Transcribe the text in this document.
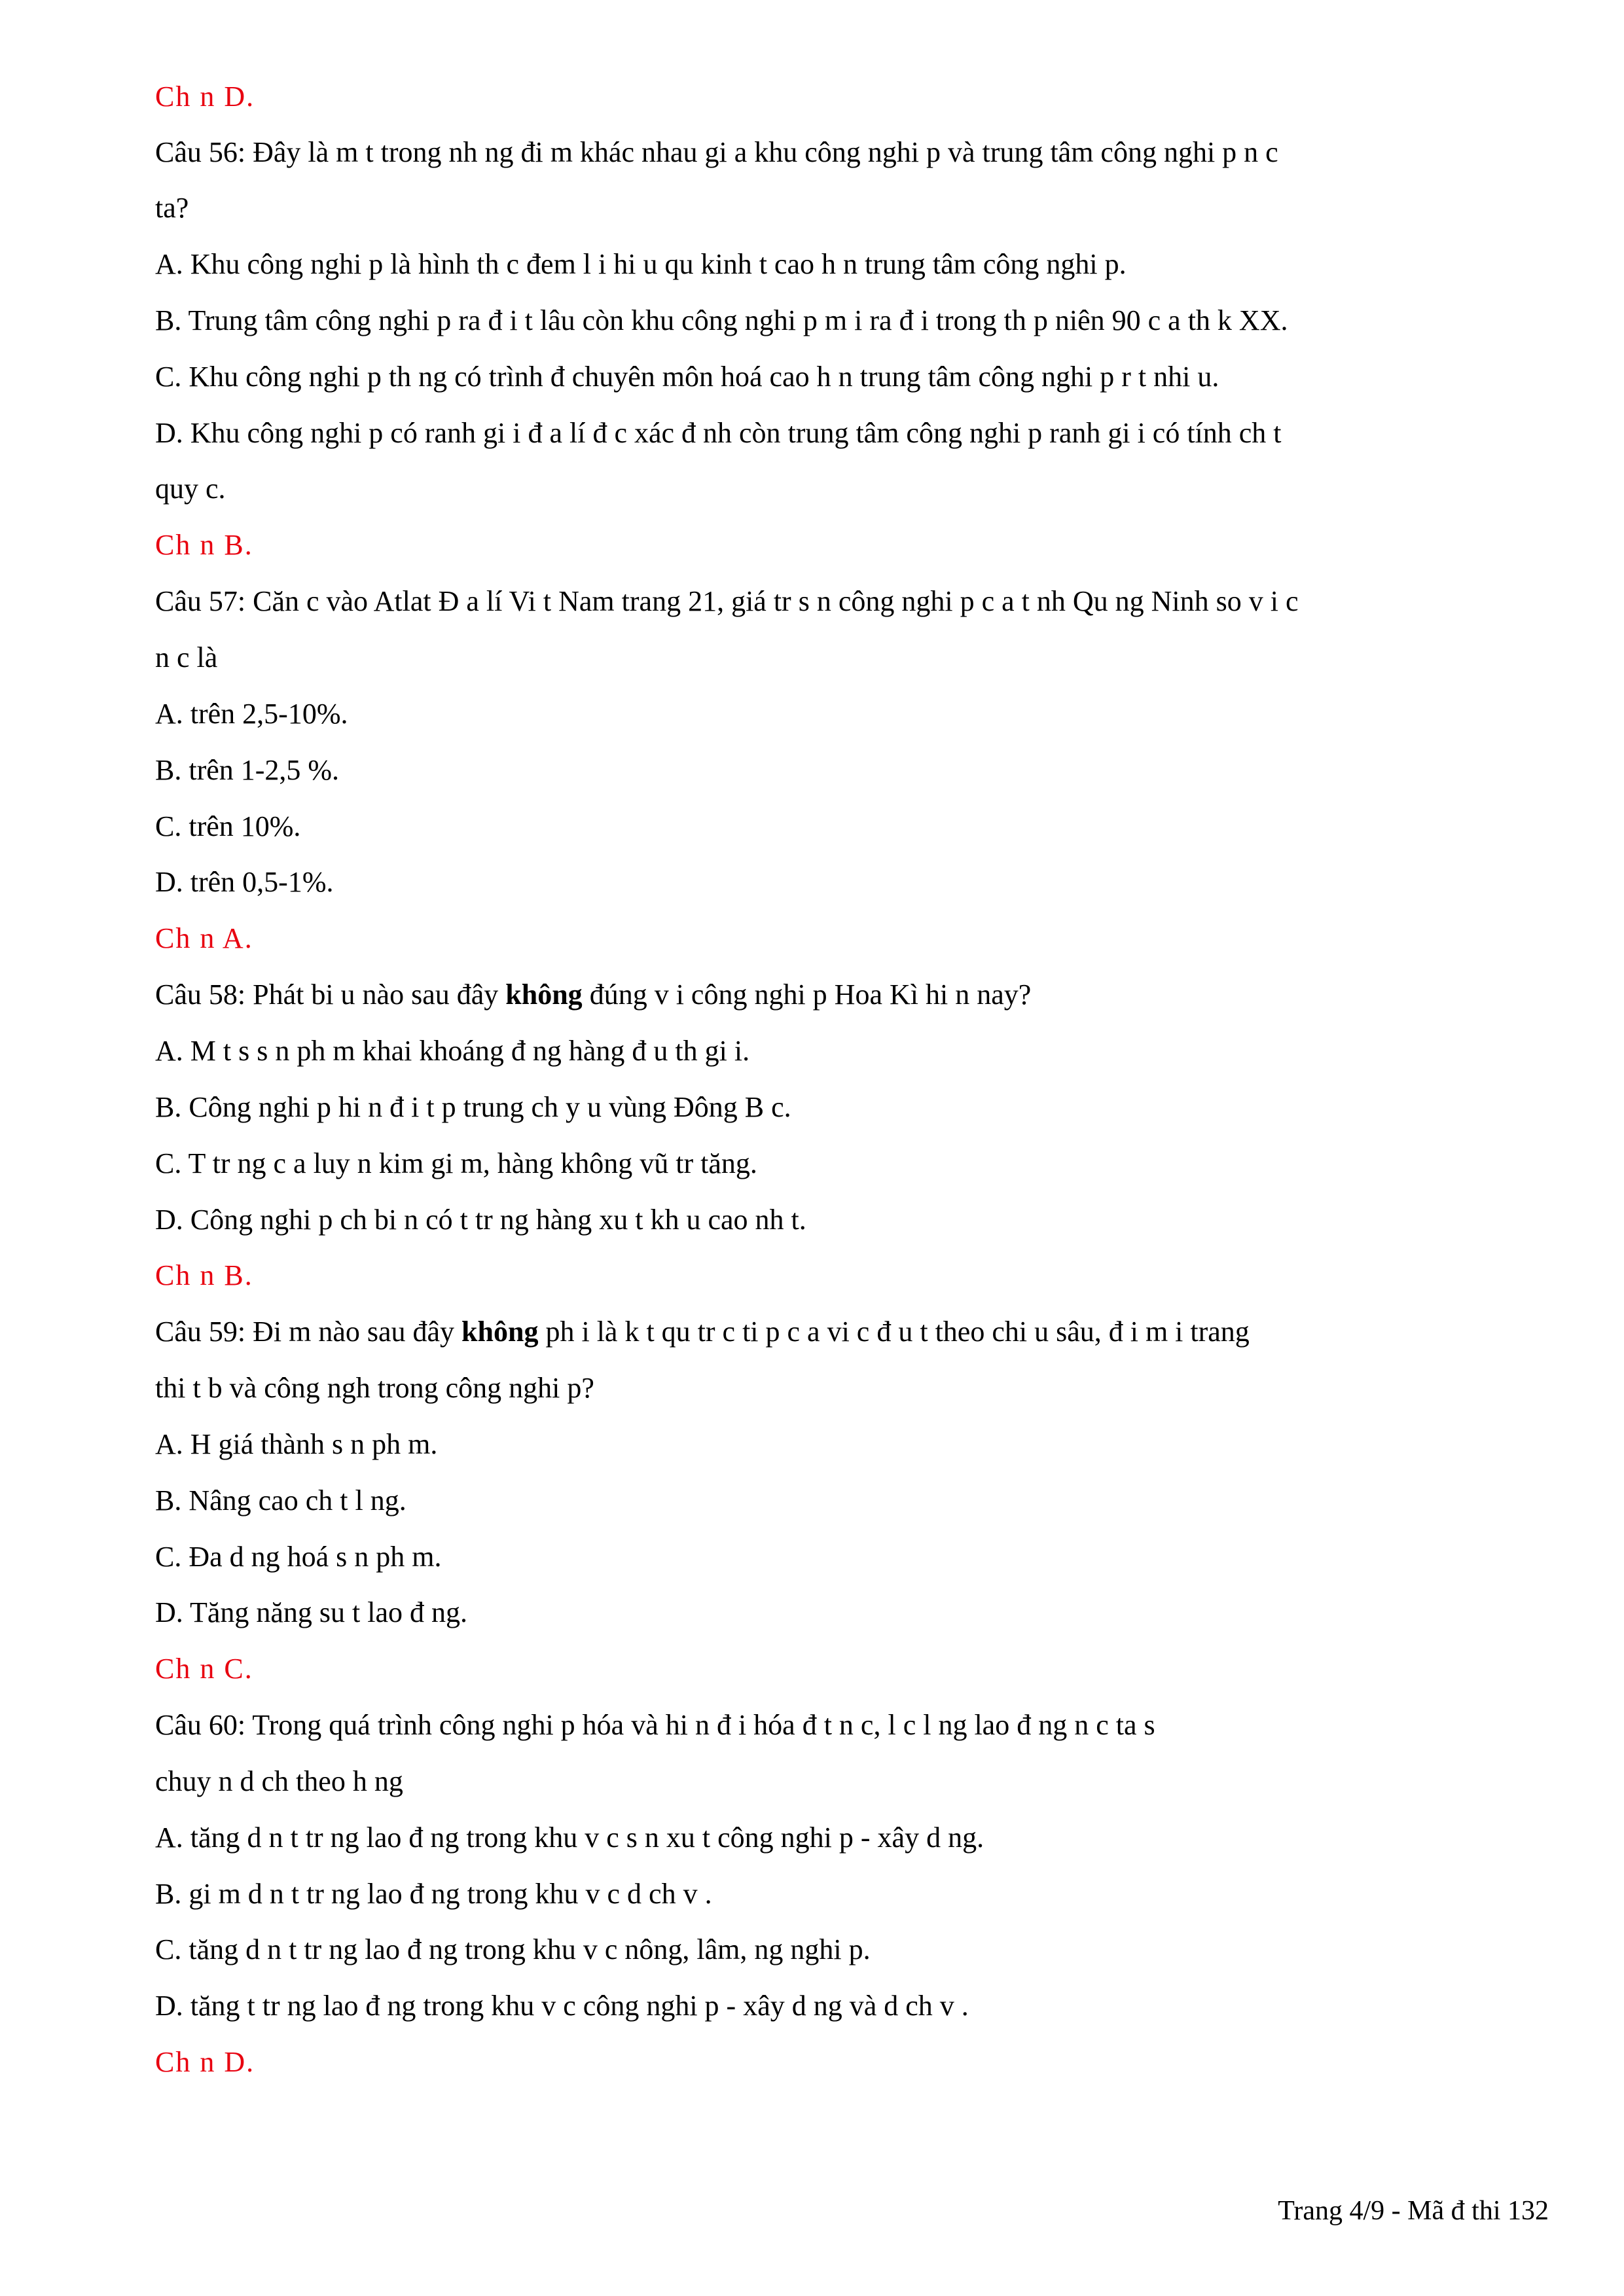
Ch n D.
Câu 56: Đây là m t trong nh ng đi m khác nhau gi a khu công nghi p và trung tâm công nghi p n c
ta?
A. Khu công nghi p là hình th c đem l i hi u qu kinh t cao h n trung tâm công nghi p.
B. Trung tâm công nghi p ra đ i t lâu còn khu công nghi p m i ra đ i trong th p niên 90 c a th k XX.
C. Khu công nghi p th ng có trình đ chuyên môn hoá cao h n trung tâm công nghi p r t nhi u.
D. Khu công nghi p có ranh gi i đ a lí đ c xác đ nh còn trung tâm công nghi p ranh gi i có tính ch t
quy c.
Ch n B.
Câu 57: Căn c vào Atlat Đ a lí Vi t Nam trang 21, giá tr s n công nghi p c a t nh Qu ng Ninh so v i c
n c là
A. trên 2,5-10%.
B. trên 1-2,5 %.
C. trên 10%.
D. trên 0,5-1%.
Ch n A.
Câu 58: Phát bi u nào sau đây không đúng v i công nghi p Hoa Kì hi n nay?
A. M t s s n ph m khai khoáng đ ng hàng đ u th gi i.
B. Công nghi p hi n đ i t p trung ch y u vùng Đông B c.
C. T tr ng c a luy n kim gi m, hàng không vũ tr tăng.
D. Công nghi p ch bi n có t tr ng hàng xu t kh u cao nh t.
Ch n B.
Câu 59: Đi m nào sau đây không ph i là k t qu tr c ti p c a vi c đ u t theo chi u sâu, đ i m i trang
thi t b và công ngh trong công nghi p?
A. H giá thành s n ph m.
B. Nâng cao ch t l ng.
C. Đa d ng hoá s n ph m.
D. Tăng năng su t lao đ ng.
Ch n C.
Câu 60: Trong quá trình công nghi p hóa và hi n đ i hóa đ t n c, l c l ng lao đ ng n c ta s
chuy n d ch theo h ng
A. tăng d n t tr ng lao đ ng trong khu v c s n xu t công nghi p - xây d ng.
B. gi m d n t tr ng lao đ ng trong khu v c d ch v .
C. tăng d n t tr ng lao đ ng trong khu v c nông, lâm, ng nghi p.
D. tăng t tr ng lao đ ng trong khu v c công nghi p - xây d ng và d ch v .
Ch n D.
Trang 4/9 - Mã đ thi 132
